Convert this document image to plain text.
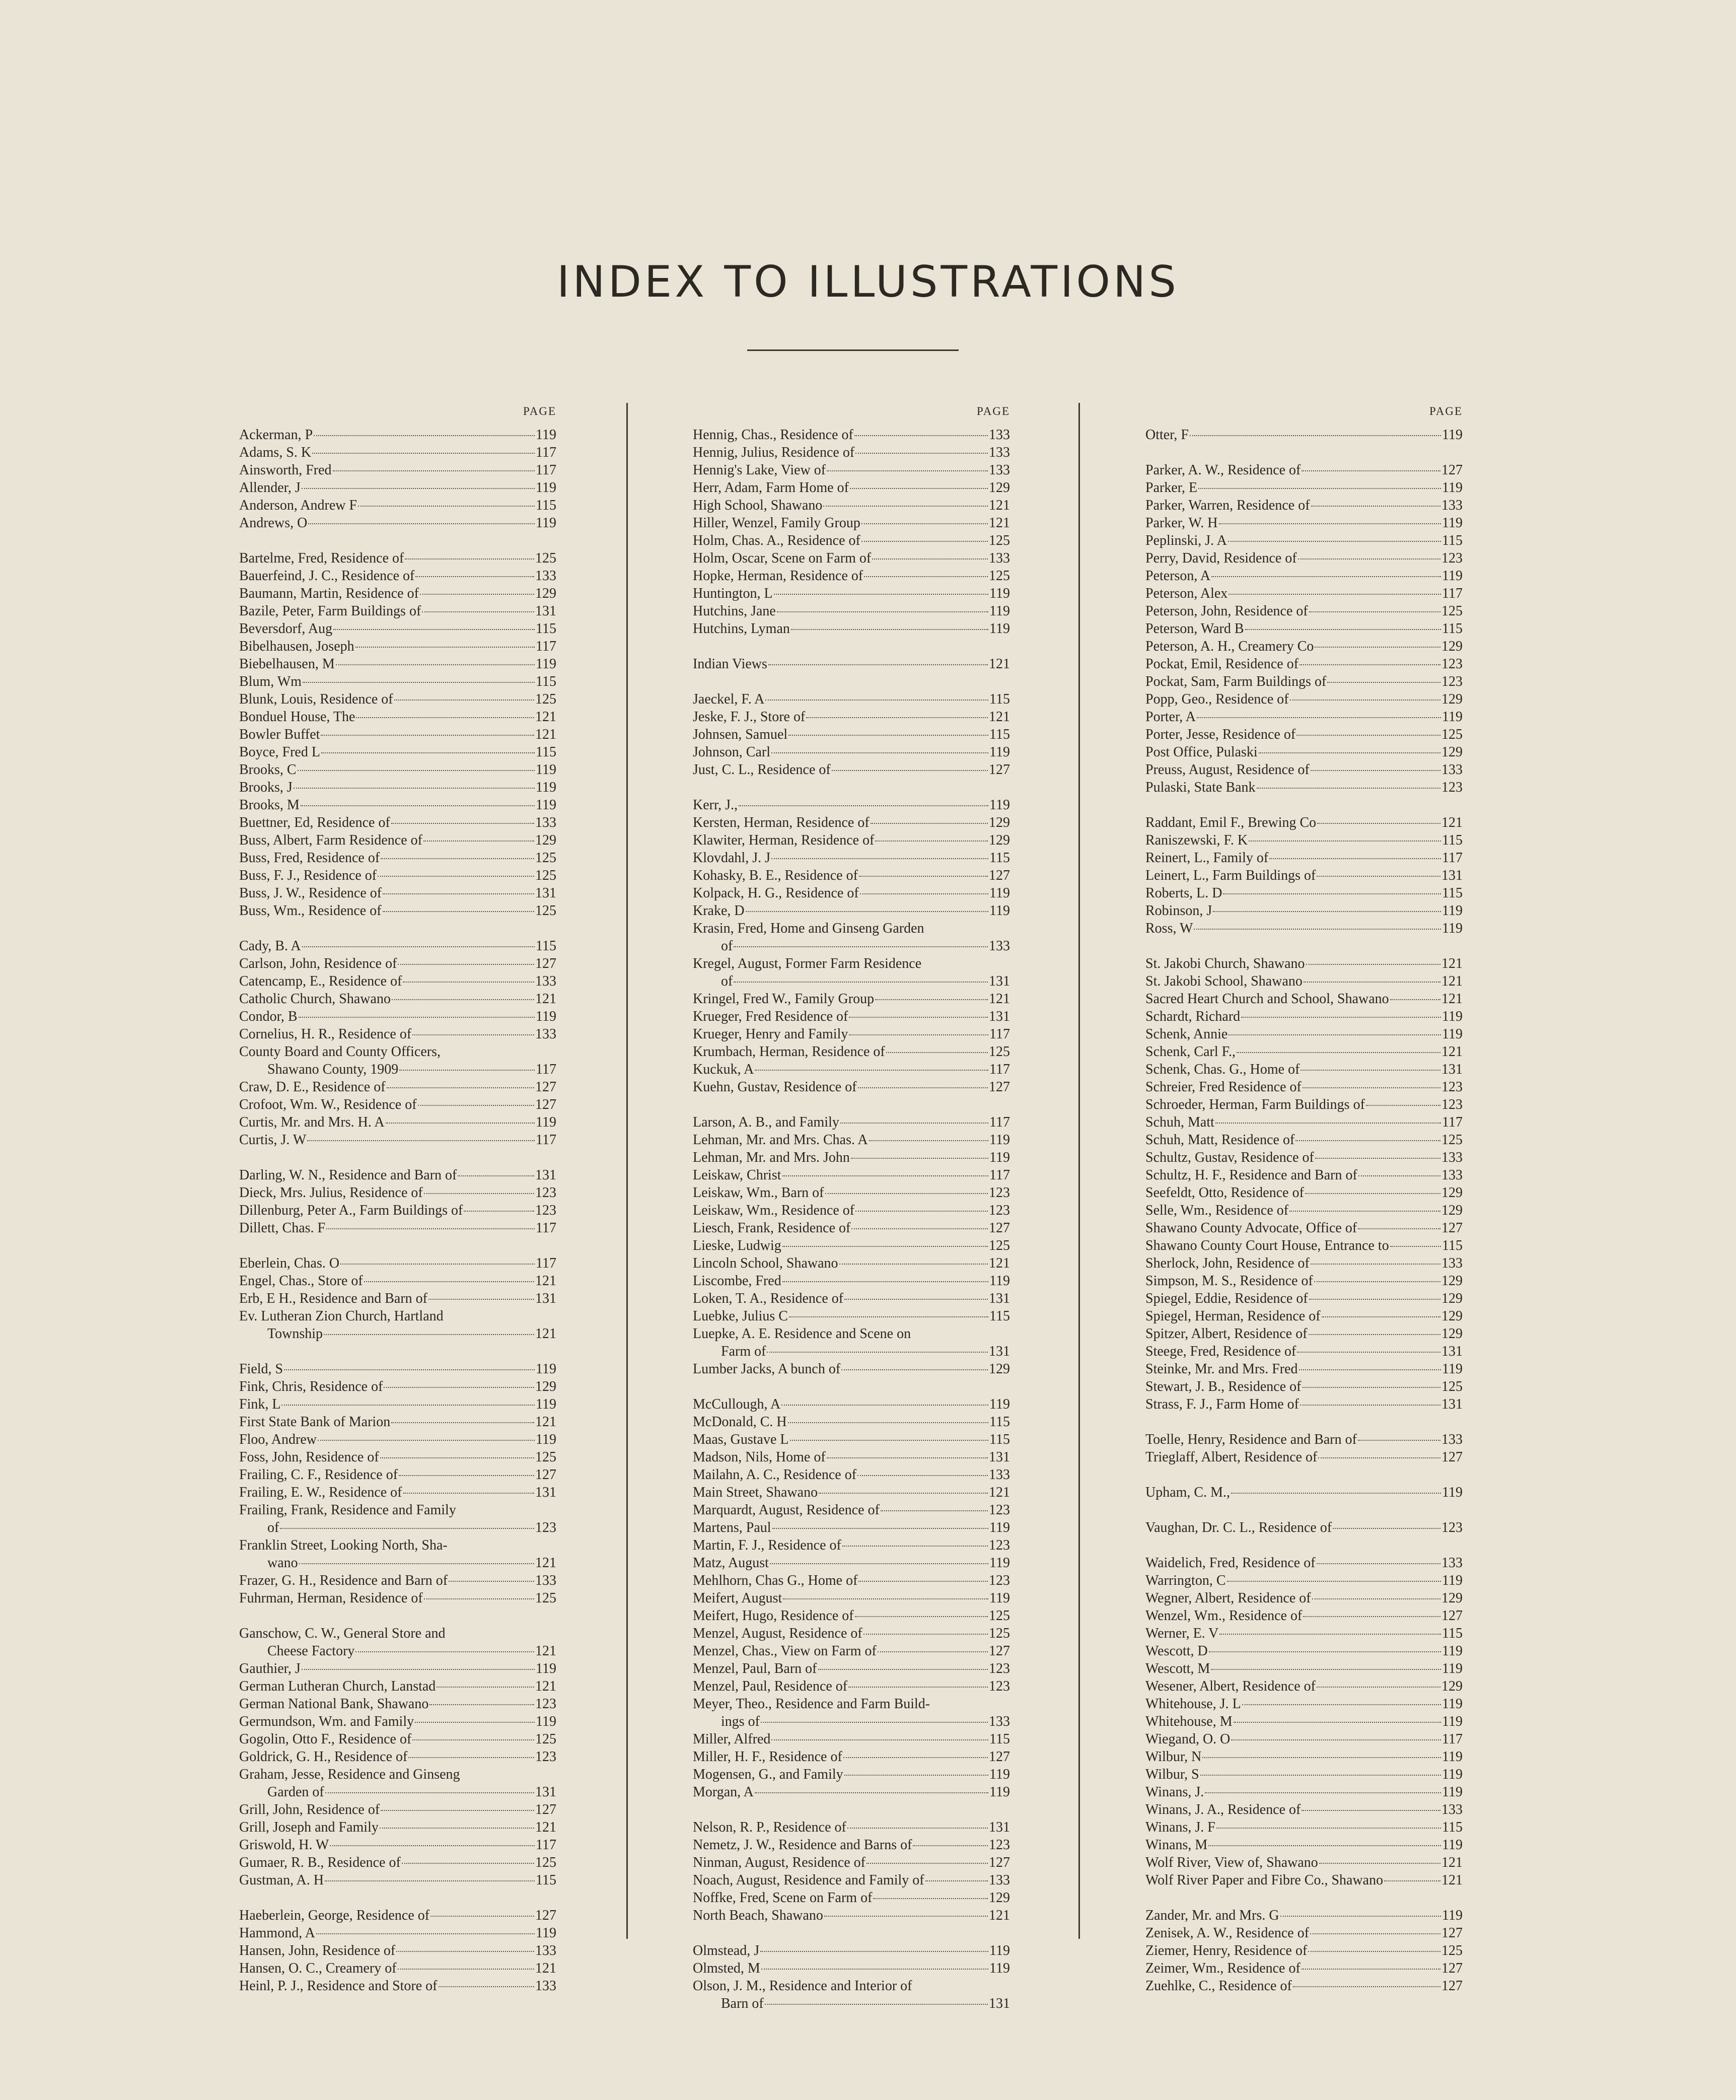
INDEX TO ILLUSTRATIONS
PAGE
Ackerman, P	119
Adams, S. K	117
Ainsworth, Fred	117
Allender, J	119
Anderson, Andrew F	115
Andrews, O	119
Bartelme, Fred, Residence of	125
Bauerfeind, J. C., Residence of	133
Baumann, Martin, Residence of	129
Bazile, Peter, Farm Buildings of	131
Beversdorf, Aug	115
Bibelhausen, Joseph	117
Biebelhausen, M	119
Blum, Wm	115
Blunk, Louis, Residence of	125
Bonduel House, The	121
Bowler Buffet	121
Boyce, Fred L	115
Brooks, C	119
Brooks, J	119
Brooks, M	119
Buettner, Ed, Residence of	133
Buss, Albert, Farm Residence of	129
Buss, Fred, Residence of	125
Buss, F. J., Residence of	125
Buss, J. W., Residence of	131
Buss, Wm., Residence of	125
Cady, B. A	115
Carlson, John, Residence of	127
Catencamp, E., Residence of	133
Catholic Church, Shawano	121
Condor, B	119
Cornelius, H. R., Residence of	133
County Board and County Officers,
Shawano County, 1909	117
Craw, D. E., Residence of	127
Crofoot, Wm. W., Residence of	127
Curtis, Mr. and Mrs. H. A	119
Curtis, J. W	117
Darling, W. N., Residence and Barn of	131
Dieck, Mrs. Julius, Residence of	123
Dillenburg, Peter A., Farm Buildings of	123
Dillett, Chas. F	117
Eberlein, Chas. O	117
Engel, Chas., Store of	121
Erb, E H., Residence and Barn of	131
Ev. Lutheran Zion Church, Hartland
Township	121
Field, S	119
Fink, Chris, Residence of	129
Fink, L	119
First State Bank of Marion	121
Floo, Andrew	119
Foss, John, Residence of	125
Frailing, C. F., Residence of	127
Frailing, E. W., Residence of	131
Frailing, Frank, Residence and Family
of	123
Franklin Street, Looking North, Sha-
wano	121
Frazer, G. H., Residence and Barn of	133
Fuhrman, Herman, Residence of	125
Ganschow, C. W., General Store and
Cheese Factory	121
Gauthier, J	119
German Lutheran Church, Lanstad	121
German National Bank, Shawano	123
Germundson, Wm. and Family	119
Gogolin, Otto F., Residence of	125
Goldrick, G. H., Residence of	123
Graham, Jesse, Residence and Ginseng
Garden of	131
Grill, John, Residence of	127
Grill, Joseph and Family	121
Griswold, H. W	117
Gumaer, R. B., Residence of	125
Gustman, A. H	115
Haeberlein, George, Residence of	127
Hammond, A	119
Hansen, John, Residence of	133
Hansen, O. C., Creamery of	121
Heinl, P. J., Residence and Store of	133
PAGE
Hennig, Chas., Residence of	133
Hennig, Julius, Residence of	133
Hennig's Lake, View of	133
Herr, Adam, Farm Home of	129
High School, Shawano	121
Hiller, Wenzel, Family Group	121
Holm, Chas. A., Residence of	125
Holm, Oscar, Scene on Farm of	133
Hopke, Herman, Residence of	125
Huntington, L	119
Hutchins, Jane	119
Hutchins, Lyman	119
Indian Views	121
Jaeckel, F. A	115
Jeske, F. J., Store of	121
Johnsen, Samuel	115
Johnson, Carl	119
Just, C. L., Residence of	127
Kerr, J.,	119
Kersten, Herman, Residence of	129
Klawiter, Herman, Residence of	129
Klovdahl, J. J	115
Kohasky, B. E., Residence of	127
Kolpack, H. G., Residence of	119
Krake, D	119
Krasin, Fred, Home and Ginseng Garden
of	133
Kregel, August, Former Farm Residence
of	131
Kringel, Fred W., Family Group	121
Krueger, Fred Residence of	131
Krueger, Henry and Family	117
Krumbach, Herman, Residence of	125
Kuckuk, A	117
Kuehn, Gustav, Residence of	127
Larson, A. B., and Family	117
Lehman, Mr. and Mrs. Chas. A	119
Lehman, Mr. and Mrs. John	119
Leiskaw, Christ	117
Leiskaw, Wm., Barn of	123
Leiskaw, Wm., Residence of	123
Liesch, Frank, Residence of	127
Lieske, Ludwig	125
Lincoln School, Shawano	121
Liscombe, Fred	119
Loken, T. A., Residence of	131
Luebke, Julius C	115
Luepke, A. E. Residence and Scene on
Farm of	131
Lumber Jacks, A bunch of	129
McCullough, A	119
McDonald, C. H	115
Maas, Gustave L	115
Madson, Nils, Home of	131
Mailahn, A. C., Residence of	133
Main Street, Shawano	121
Marquardt, August, Residence of	123
Martens, Paul	119
Martin, F. J., Residence of	123
Matz, August	119
Mehlhorn, Chas G., Home of	123
Meifert, August	119
Meifert, Hugo, Residence of	125
Menzel, August, Residence of	125
Menzel, Chas., View on Farm of	127
Menzel, Paul, Barn of	123
Menzel, Paul, Residence of	123
Meyer, Theo., Residence and Farm Build-
ings of	133
Miller, Alfred	115
Miller, H. F., Residence of	127
Mogensen, G., and Family	119
Morgan, A	119
Nelson, R. P., Residence of	131
Nemetz, J. W., Residence and Barns of	123
Ninman, August, Residence of	127
Noach, August, Residence and Family of	133
Noffke, Fred, Scene on Farm of	129
North Beach, Shawano	121
Olmstead, J	119
Olmsted, M	119
Olson, J. M., Residence and Interior of
Barn of	131
PAGE
Otter, F	119
Parker, A. W., Residence of	127
Parker, E	119
Parker, Warren, Residence of	133
Parker, W. H	119
Peplinski, J. A	115
Perry, David, Residence of	123
Peterson, A	119
Peterson, Alex	117
Peterson, John, Residence of	125
Peterson, Ward B	115
Peterson, A. H., Creamery Co	129
Pockat, Emil, Residence of	123
Pockat, Sam, Farm Buildings of	123
Popp, Geo., Residence of	129
Porter, A	119
Porter, Jesse, Residence of	125
Post Office, Pulaski	129
Preuss, August, Residence of	133
Pulaski, State Bank	123
Raddant, Emil F., Brewing Co	121
Raniszewski, F. K	115
Reinert, L., Family of	117
Leinert, L., Farm Buildings of	131
Roberts, L. D	115
Robinson, J	119
Ross, W	119
St. Jakobi Church, Shawano	121
St. Jakobi School, Shawano	121
Sacred Heart Church and School, Shawano	121
Schardt, Richard	119
Schenk, Annie	119
Schenk, Carl F.,	121
Schenk, Chas. G., Home of	131
Schreier, Fred Residence of	123
Schroeder, Herman, Farm Buildings of	123
Schuh, Matt	117
Schuh, Matt, Residence of	125
Schultz, Gustav, Residence of	133
Schultz, H. F., Residence and Barn of	133
Seefeldt, Otto, Residence of	129
Selle, Wm., Residence of	129
Shawano County Advocate, Office of	127
Shawano County Court House, Entrance to	115
Sherlock, John, Residence of	133
Simpson, M. S., Residence of	129
Spiegel, Eddie, Residence of	129
Spiegel, Herman, Residence of	129
Spitzer, Albert, Residence of	129
Steege, Fred, Residence of	131
Steinke, Mr. and Mrs. Fred	119
Stewart, J. B., Residence of	125
Strass, F. J., Farm Home of	131
Toelle, Henry, Residence and Barn of	133
Trieglaff, Albert, Residence of	127
Upham, C. M.,	119
Vaughan, Dr. C. L., Residence of	123
Waidelich, Fred, Residence of	133
Warrington, C	119
Wegner, Albert, Residence of	129
Wenzel, Wm., Residence of	127
Werner, E. V	115
Wescott, D	119
Wescott, M	119
Wesener, Albert, Residence of	129
Whitehouse, J. L	119
Whitehouse, M	119
Wiegand, O. O	117
Wilbur, N	119
Wilbur, S	119
Winans, J.	119
Winans, J. A., Residence of	133
Winans, J. F	115
Winans, M	119
Wolf River, View of, Shawano	121
Wolf River Paper and Fibre Co., Shawano	121
Zander, Mr. and Mrs. G	119
Zenisek, A. W., Residence of	127
Ziemer, Henry, Residence of	125
Zeimer, Wm., Residence of	127
Zuehlke, C., Residence of	127
